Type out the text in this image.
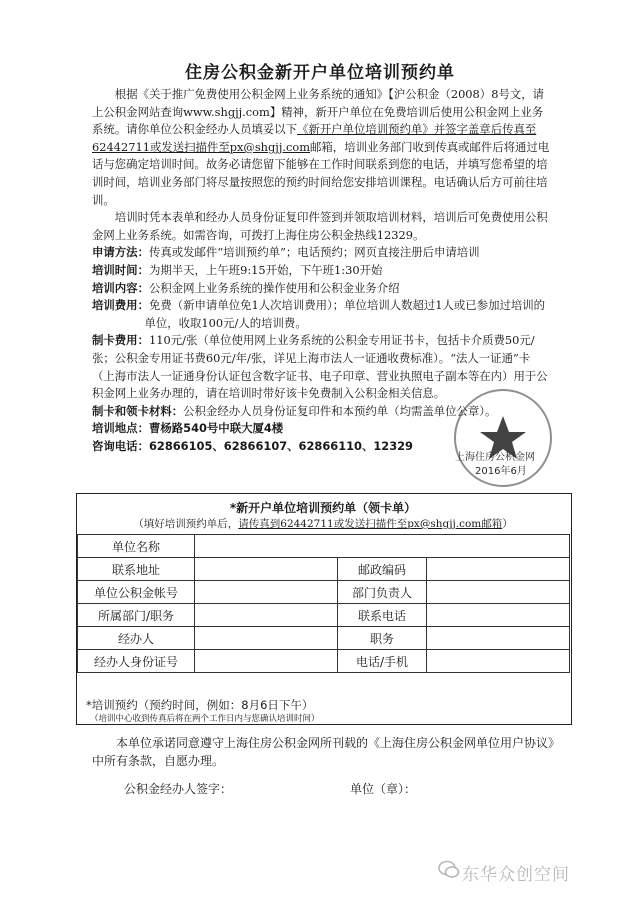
住房公积金新开户单位培训预约单

根据《关于推广免费使用公积金网上业务系统的通知》【沪公积金（2008）8号文，请上公积金网站查询www.shgjj.com】精神，新开户单位在免费培训后使用公积金网上业务系统。请你单位公积金经办人员填妥以下《新开户单位培训预约单》并签字盖章后传真至62442711或发送扫描件至px@shgjj.com邮箱，培训业务部门收到传真或邮件后将通过电话与您确定培训时间。故务必请您留下能够在工作时间联系到您的电话，并填写您希望的培训时间，培训业务部门将尽量按照您的预约时间给您安排培训课程。电话确认后方可前往培训。

培训时凭本表单和经办人员身份证复印件签到并领取培训材料，培训后可免费使用公积金网上业务系统。如需咨询，可拨打上海住房公积金热线12329。

申请方法：传真或发邮件“培训预约单”；电话预约；网页直接注册后申请培训

培训时间：为期半天，上午班9:15开始，下午班1:30开始

培训内容：公积金网上业务系统的操作使用和公积金业务介绍

培训费用：免费（新申请单位免1人次培训费用）；单位培训人数超过1人或已参加过培训的单位，收取100元/人的培训费。

制卡费用：110元/张（单位使用网上业务系统的公积金专用证书卡，包括卡介质费50元/张；公积金专用证书费60元/年/张，详见上海市法人一证通收费标准）。“法人一证通”卡（上海市法人一证通身份认证包含数字证书、电子印章、营业执照电子副本等在内）用于公积金网上业务办理的，请在培训时带好该卡免费制入公积金相关信息。

制卡和领卡材料：公积金经办人员身份证复印件和本预约单（均需盖单位公章）。

培训地点：曹杨路540号中联大厦4楼

咨询电话：62866105、62866107、62866110、12329

上海住房公积金网
2016年6月
*新开户单位培训预约单（领卡单）
（填好培训预约单后，请传真到62442711或发送扫描件至px@shgjj.com邮箱）
单位名称			
联系地址		邮政编码	
单位公积金帐号		部门负责人	
所属部门/职务		联系电话	
经办人		职务	
经办人身份证号		电话/手机	
*培训预约（预约时间，例如：8月6日下午）
（培训中心收到传真后将在两个工作日内与您确认培训时间）
本单位承诺同意遵守上海住房公积金网所刊载的《上海住房公积金网单位用户协议》中所有条款，自愿办理。
公积金经办人签字：	单位（章）：
东华众创空间
